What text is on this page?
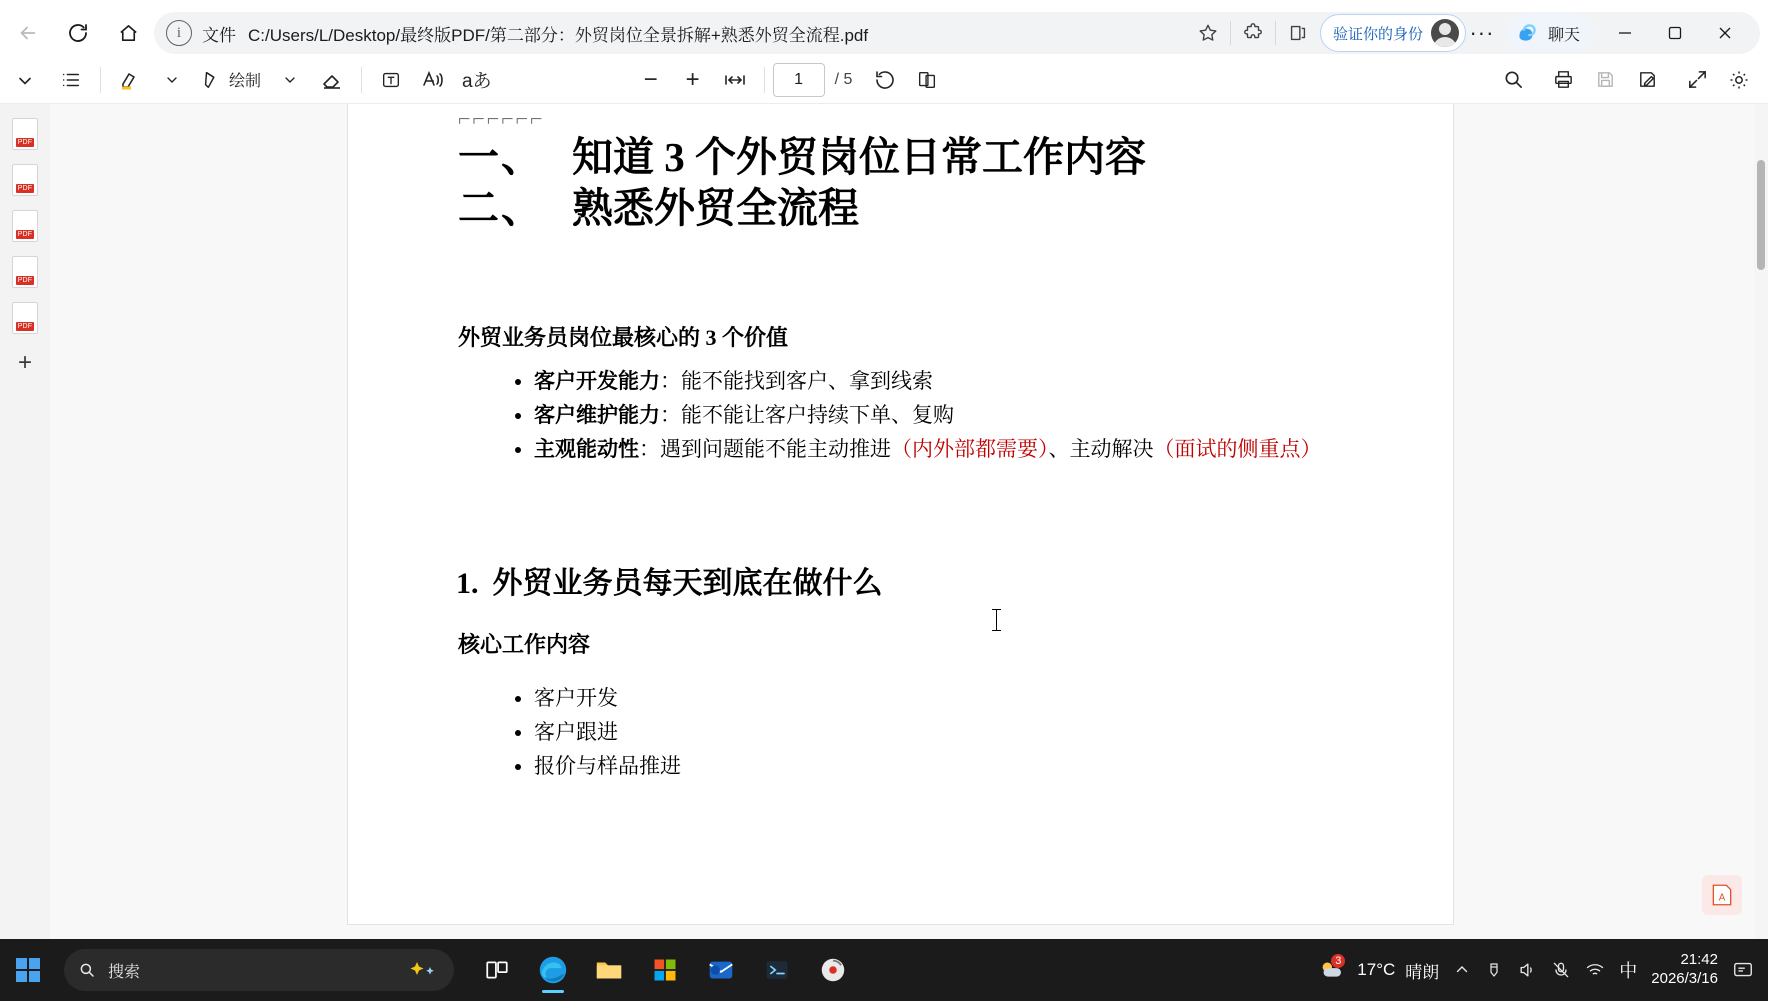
i	文件 C:/Users/L/Desktop/最终版PDF/第二部分：外贸岗位全景拆解+熟悉外贸全流程.pdf	验证你的身份 ···	聊天
绘制	aあ	− +	1 / 5
PDF
PDF
PDF
PDF
PDF
+
⌐⌐⌐⌐⌐⌐
一、 知道 3 个外贸岗位日常工作内容
二、 熟悉外贸全流程
外贸业务员岗位最核心的 3 个价值
• 客户开发能力：能不能找到客户、拿到线索
• 客户维护能力：能不能让客户持续下单、复购
• 主观能动性：遇到问题能不能主动推进（内外部都需要）、主动解决（面试的侧重点）
1. 外贸业务员每天到底在做什么
核心工作内容
• 客户开发
• 客户跟进
• 报价与样品推进
A
搜索
3 17°C 晴朗	中
21:42
2026/3/16
